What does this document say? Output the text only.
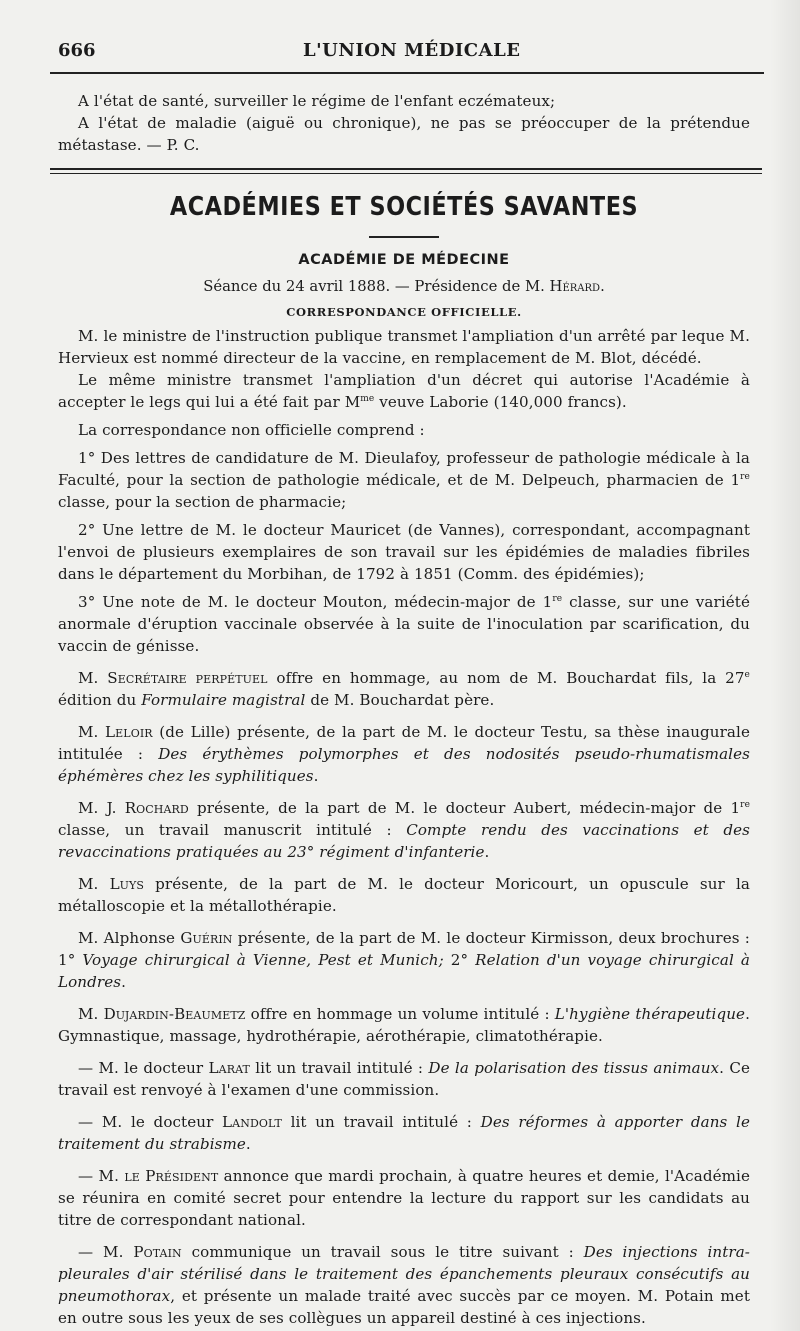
666	L'UNION MÉDICALE

A l'état de santé, surveiller le régime de l'enfant eczémateux;

A l'état de maladie (aiguë ou chronique), ne pas se préoccuper de la prétendue métastase. — P. C.

ACADÉMIES ET SOCIÉTÉS SAVANTES
ACADÉMIE DE MÉDECINE
Séance du 24 avril 1888. — Présidence de M. Hérard.
CORRESPONDANCE OFFICIELLE.

M. le ministre de l'instruction publique transmet l'ampliation d'un arrêté par leque M. Hervieux est nommé directeur de la vaccine, en remplacement de M. Blot, décédé.

Le même ministre transmet l'ampliation d'un décret qui autorise l'Académie à accepter le legs qui lui a été fait par $M^{me}$ veuve Laborie (140,000 francs).

La correspondance non officielle comprend :

1° Des lettres de candidature de M. Dieulafoy, professeur de pathologie médicale à la Faculté, pour la section de pathologie médicale, et de M. Delpeuch, pharmacien de 1re classe, pour la section de pharmacie;

2° Une lettre de M. le docteur Mauricet (de Vannes), correspondant, accompagnant l'envoi de plusieurs exemplaires de son travail sur les épidémies de maladies fibriles dans le département du Morbihan, de 1792 à 1851 (Comm. des épidémies);

3° Une note de M. le docteur Mouton, médecin-major de 1re classe, sur une variété anormale d'éruption vaccinale observée à la suite de l'inoculation par scarification, du vaccin de génisse.

M. Secrétaire perpétuel offre en hommage, au nom de M. Bouchardat fils, la 27e édition du Formulaire magistral de M. Bouchardat père.

M. Leloir (de Lille) présente, de la part de M. le docteur Testu, sa thèse inaugurale intitulée : Des érythèmes polymorphes et des nodosités pseudo-rhumatismales éphémères chez les syphilitiques.

M. J. Rochard présente, de la part de M. le docteur Aubert, médecin-major de 1re classe, un travail manuscrit intitulé : Compte rendu des vaccinations et des revaccinations pratiquées au 23° régiment d'infanterie.

M. Luys présente, de la part de M. le docteur Moricourt, un opuscule sur la métalloscopie et la métallothérapie.

M. Alphonse Guérin présente, de la part de M. le docteur Kirmisson, deux brochures : 1° Voyage chirurgical à Vienne, Pest et Munich; 2° Relation d'un voyage chirurgical à Londres.

M. Dujardin-Beaumetz offre en hommage un volume intitulé : L'hygiène thérapeutique. Gymnastique, massage, hydrothérapie, aérothérapie, climatothérapie.

— M. le docteur Larat lit un travail intitulé : De la polarisation des tissus animaux. Ce travail est renvoyé à l'examen d'une commission.

— M. le docteur Landolt lit un travail intitulé : Des réformes à apporter dans le traitement du strabisme.

— M. le Président annonce que mardi prochain, à quatre heures et demie, l'Académie se réunira en comité secret pour entendre la lecture du rapport sur les candidats au titre de correspondant national.

— M. Potain communique un travail sous le titre suivant : Des injections intra-pleurales d'air stérilisé dans le traitement des épanchements pleuraux consécutifs au pneumothorax, et présente un malade traité avec succès par ce moyen. M. Potain met en outre sous les yeux de ses collègues un appareil destiné à ces injections.
